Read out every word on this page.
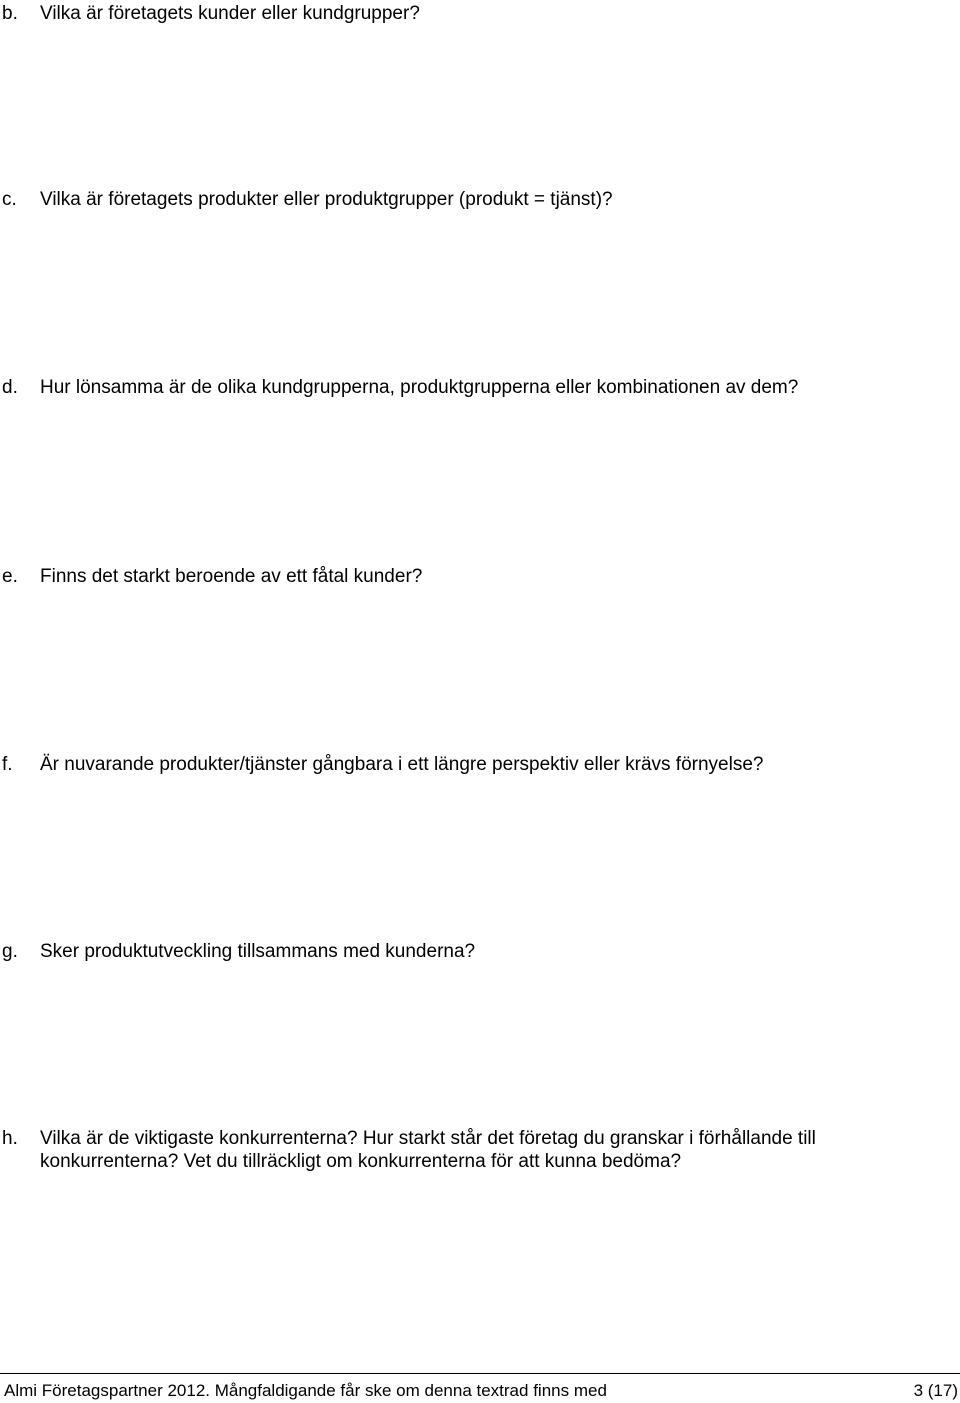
b. Vilka är företagets kunder eller kundgrupper?
c. Vilka är företagets produkter eller produktgrupper (produkt = tjänst)?
d. Hur lönsamma är de olika kundgrupperna, produktgrupperna eller kombinationen av dem?
e. Finns det starkt beroende av ett fåtal kunder?
f. Är nuvarande produkter/tjänster gångbara i ett längre perspektiv eller krävs förnyelse?
g. Sker produktutveckling tillsammans med kunderna?
h. Vilka är de viktigaste konkurrenterna? Hur starkt står det företag du granskar i förhållande till konkurrenterna? Vet du tillräckligt om konkurrenterna för att kunna bedöma?
Almi Företagspartner 2012. Mångfaldigande får ske om denna textrad finns med	3 (17)
